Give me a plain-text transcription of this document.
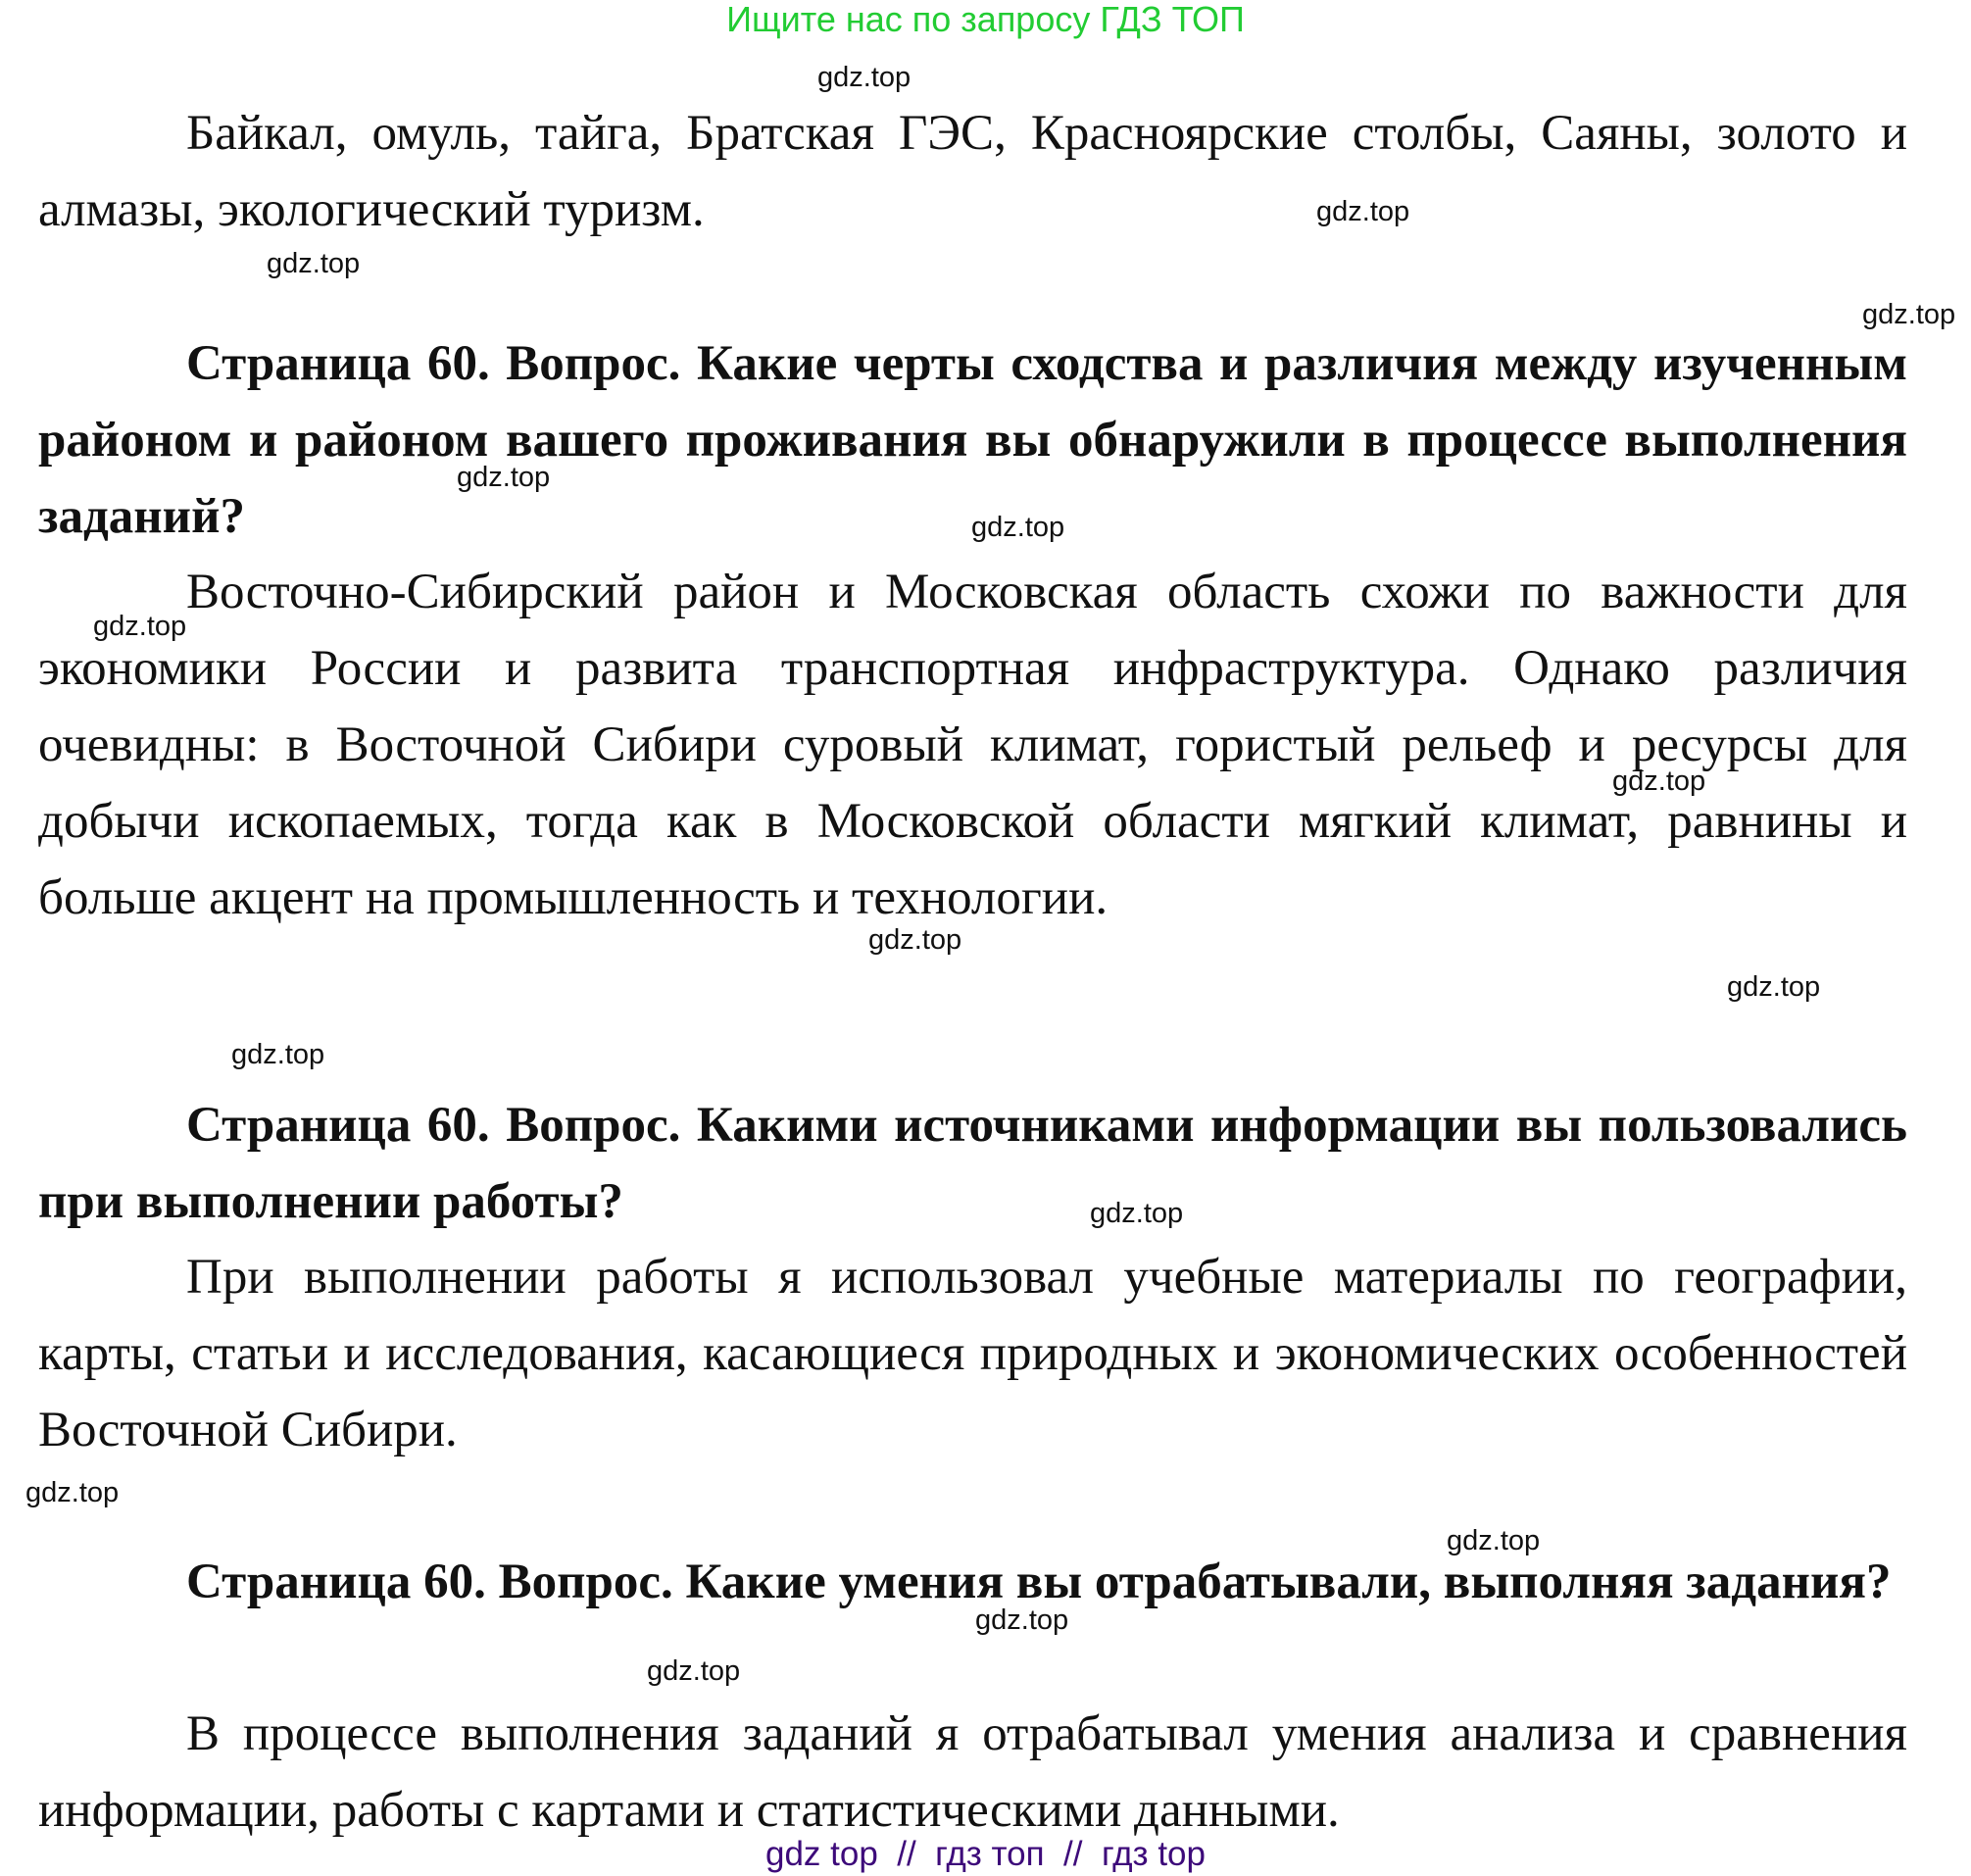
Ищите нас по запросу ГДЗ ТОП
Байкал, омуль, тайга, Братская ГЭС, Красноярские столбы, Саяны, золото и алмазы, экологический туризм.
Страница 60. Вопрос. Какие черты сходства и различия между изученным районом и районом вашего проживания вы обнаружили в процессе выполнения заданий?
Восточно-Сибирский район и Московская область схожи по важности для экономики России и развита транспортная инфраструктура. Однако различия очевидны: в Восточной Сибири суровый климат, гористый рельеф и ресурсы для добычи ископаемых, тогда как в Московской области мягкий климат, равнины и больше акцент на промышленность и технологии.
Страница 60. Вопрос. Какими источниками информации вы пользовались при выполнении работы?
При выполнении работы я использовал учебные материалы по географии, карты, статьи и исследования, касающиеся природных и экономических особенностей Восточной Сибири.
Страница 60. Вопрос. Какие умения вы отрабатывали, выполняя задания?
В процессе выполнения заданий я отрабатывал умения анализа и сравнения информации, работы с картами и статистическими данными.
gdz.top
gdz.top
gdz.top
gdz.top
gdz.top
gdz.top
gdz.top
gdz.top
gdz.top
gdz.top
gdz.top
gdz.top
gdz.top
gdz.top
gdz.top
gdz.top
gdz top  //  гдз топ  //  гдз top
